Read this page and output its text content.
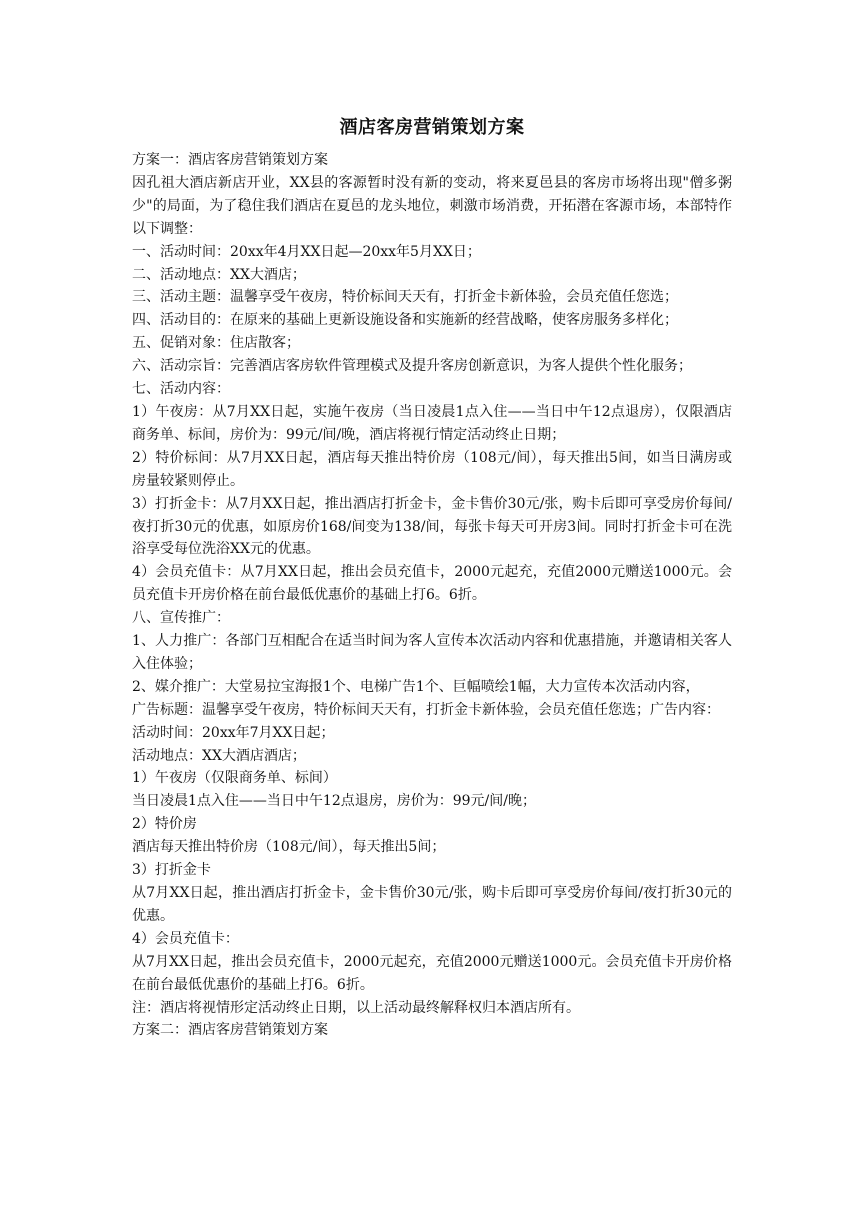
酒店客房营销策划方案

方案一：酒店客房营销策划方案

因孔祖大酒店新店开业，XX县的客源暂时没有新的变动，将来夏邑县的客房市场将出现"僧多粥少"的局面，为了稳住我们酒店在夏邑的龙头地位，刺激市场消费，开拓潜在客源市场，本部特作以下调整：

一、活动时间：20xx年4月XX日起—20xx年5月XX日；

二、活动地点：XX大酒店；

三、活动主题：温馨享受午夜房，特价标间天天有，打折金卡新体验，会员充值任您选；

四、活动目的：在原来的基础上更新设施设备和实施新的经营战略，使客房服务多样化；

五、促销对象：住店散客；

六、活动宗旨：完善酒店客房软件管理模式及提升客房创新意识，为客人提供个性化服务；

七、活动内容：

1）午夜房：从7月XX日起，实施午夜房（当日凌晨1点入住——当日中午12点退房），仅限酒店商务单、标间，房价为：99元/间/晚，酒店将视行情定活动终止日期；

2）特价标间：从7月XX日起，酒店每天推出特价房（108元/间），每天推出5间，如当日满房或房量较紧则停止。

3）打折金卡：从7月XX日起，推出酒店打折金卡，金卡售价30元/张，购卡后即可享受房价每间/夜打折30元的优惠，如原房价168/间变为138/间，每张卡每天可开房3间。同时打折金卡可在洗浴享受每位洗浴XX元的优惠。

4）会员充值卡：从7月XX日起，推出会员充值卡，2000元起充，充值2000元赠送1000元。会员充值卡开房价格在前台最低优惠价的基础上打6。6折。

八、宣传推广：

1、人力推广：各部门互相配合在适当时间为客人宣传本次活动内容和优惠措施，并邀请相关客人入住体验；

2、媒介推广：大堂易拉宝海报1个、电梯广告1个、巨幅喷绘1幅，大力宣传本次活动内容，

广告标题：温馨享受午夜房，特价标间天天有，打折金卡新体验，会员充值任您选；广告内容：

活动时间：20xx年7月XX日起；

活动地点：XX大酒店酒店；

1）午夜房（仅限商务单、标间）

当日凌晨1点入住——当日中午12点退房，房价为：99元/间/晚；

2）特价房

酒店每天推出特价房（108元/间），每天推出5间；

3）打折金卡

从7月XX日起，推出酒店打折金卡，金卡售价30元/张，购卡后即可享受房价每间/夜打折30元的优惠。

4）会员充值卡：

从7月XX日起，推出会员充值卡，2000元起充，充值2000元赠送1000元。会员充值卡开房价格在前台最低优惠价的基础上打6。6折。

注：酒店将视情形定活动终止日期，以上活动最终解释权归本酒店所有。

方案二：酒店客房营销策划方案
